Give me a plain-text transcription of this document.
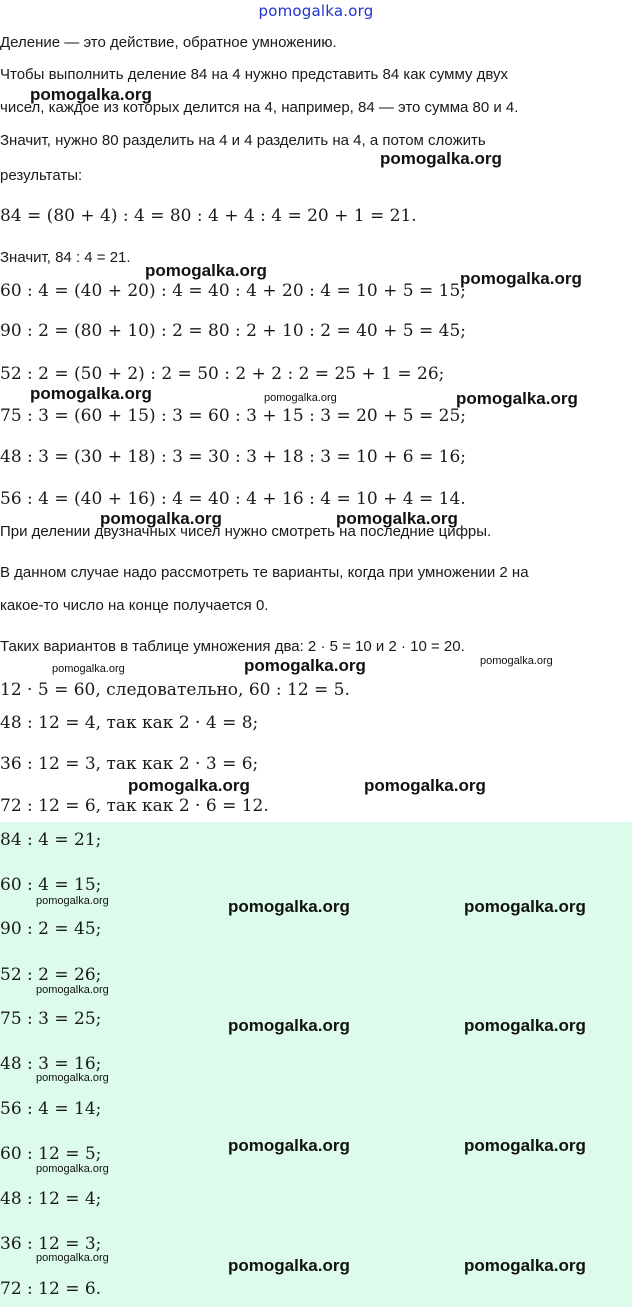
pomogalka.org
Деление — это действие, обратное умножению.
Чтобы выполнить деление 84 на 4 нужно представить 84 как сумму двух
чисел, каждое из которых делится на 4, например, 84 — это сумма 80 и 4.
Значит, нужно 80 разделить на 4 и 4 разделить на 4, а потом сложить
результаты:
84 = (80 + 4) : 4 = 80 : 4 + 4 : 4 = 20 + 1 = 21.
Значит, 84 : 4 = 21.
60 : 4 = (40 + 20) : 4 = 40 : 4 + 20 : 4 = 10 + 5 = 15;
90 : 2 = (80 + 10) : 2 = 80 : 2 + 10 : 2 = 40 + 5 = 45;
52 : 2 = (50 + 2) : 2 = 50 : 2 + 2 : 2 = 25 + 1 = 26;
75 : 3 = (60 + 15) : 3 = 60 : 3 + 15 : 3 = 20 + 5 = 25;
48 : 3 = (30 + 18) : 3 = 30 : 3 + 18 : 3 = 10 + 6 = 16;
56 : 4 = (40 + 16) : 4 = 40 : 4 + 16 : 4 = 10 + 4 = 14.
При делении двузначных чисел нужно смотреть на последние цифры.
В данном случае надо рассмотреть те варианты, когда при умножении 2 на
какое-то число на конце получается 0.
Таких вариантов в таблице умножения два: 2 · 5 = 10 и 2 · 10 = 20.
12 · 5 = 60, следовательно, 60 : 12 = 5.
48 : 12 = 4, так как 2 · 4 = 8;
36 : 12 = 3, так как 2 · 3 = 6;
72 : 12 = 6, так как 2 · 6 = 12.
84 : 4 = 21;
60 : 4 = 15;
90 : 2 = 45;
52 : 2 = 26;
75 : 3 = 25;
48 : 3 = 16;
56 : 4 = 14;
60 : 12 = 5;
48 : 12 = 4;
36 : 12 = 3;
72 : 12 = 6.
pomogalka.org
pomogalka.org
pomogalka.org	pomogalka.org
pomogalka.org	pomogalka.org	pomogalka.org
pomogalka.org	pomogalka.org
pomogalka.org	pomogalka.org	pomogalka.org
pomogalka.org	pomogalka.org
pomogalka.org	pomogalka.org	pomogalka.org
pomogalka.org
pomogalka.org	pomogalka.org
pomogalka.org
pomogalka.org	pomogalka.org
pomogalka.org
pomogalka.org	pomogalka.org	pomogalka.org
